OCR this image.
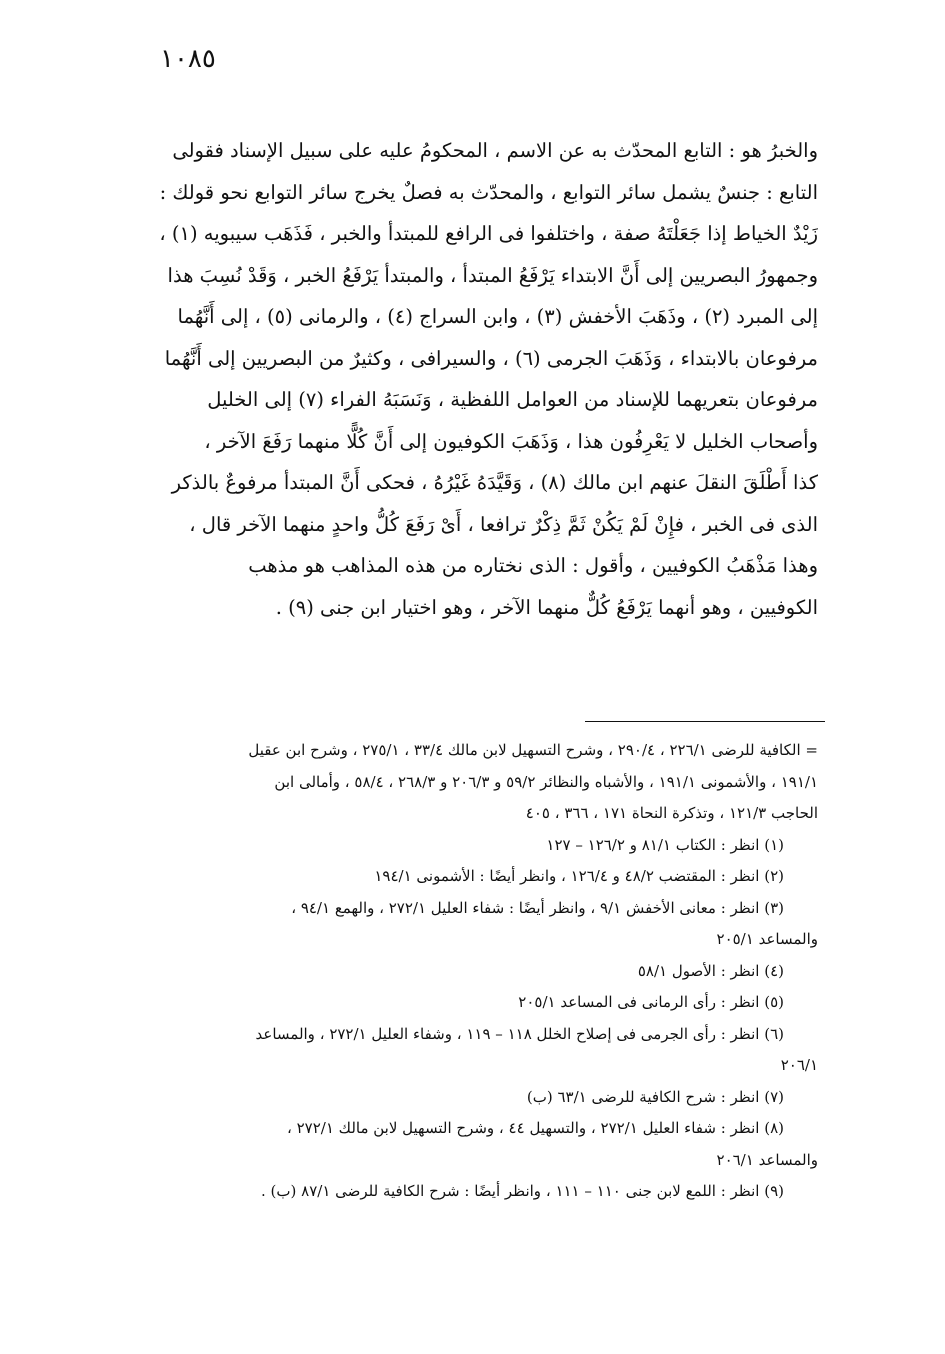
١٠٨٥
والخبرُ هو : التابع المحدّث به عن الاسم ، المحكومُ عليه على سبيل الإسناد فقولى
التابع : جنسٌ يشمل سائر التوابع ، والمحدّث به فصلٌ يخرج سائر التوابع نحو قولك :
زَيْدٌ الخياط إذا جَعَلْتَهُ صفة ، واختلفوا فى الرافع للمبتدأ والخبر ، فَذَهَب سيبويه (١) ،
وجمهورُ البصريين إلى أَنَّ الابتداء يَرْفَعُ المبتدأ ، والمبتدأ يَرْفَعُ الخبر ، وَقَدْ نُسِبَ هذا
إلى المبرد (٢) ، وذَهَبَ الأخفش (٣) ، وابن السراج (٤) ، والرمانى (٥) ، إلى أَنَّهُما
مرفوعان بالابتداء ، وَذَهَبَ الجرمى (٦) ، والسيرافى ، وكثيرٌ من البصريين إلى أَنَّهُما
مرفوعان بتعريهما للإسناد من العوامل اللفظية ، وَنَسَبَهُ الفراء (٧) إلى الخليل
وأصحاب الخليل لا يَعْرِفُون هذا ، وَذَهَبَ الكوفيون إلى أَنَّ كُلًّا منهما رَفَعَ الآخر ،
كذا أَطْلَقَ النقلَ عنهم ابن مالك (٨) ، وَقَيَّدَهُ غَيْرُهُ ، فحكى أَنَّ المبتدأ مرفوعٌ بالذكر
الذى فى الخبر ، فإِنْ لَمْ يَكُنْ ثَمَّ ذِكْرٌ ترافعا ، أَىْ رَفَعَ كُلُّ واحدٍ منهما الآخر قال ،
وهذا مَذْهَبُ الكوفيين ، وأقول : الذى نختاره من هذه المذاهب هو مذهب
الكوفيين ، وهو أنهما يَرْفَعُ كُلٌّ منهما الآخر ، وهو اختيار ابن جنى (٩) .
= الكافية للرضى ٢٢٦/١ ، ٢٩٠/٤ ، وشرح التسهيل لابن مالك ٣٣/٤ ، ٢٧٥/١ ، وشرح ابن عقيل
١٩١/١ ، والأشمونى ١٩١/١ ، والأشباه والنظائر ٥٩/٢ و ٢٠٦/٣ و ٢٦٨/٣ ، ٥٨/٤ ، وأمالى ابن
الحاجب ١٢١/٣ ، وتذكرة النحاة ١٧١ ، ٣٦٦ ، ٤٠٥
(١) انظر : الكتاب ٨١/١ و ١٢٦/٢ – ١٢٧
(٢) انظر : المقتضب ٤٨/٢ و ١٢٦/٤ ، وانظر أيضًا : الأشمونى ١٩٤/١
(٣) انظر : معانى الأخفش ٩/١ ، وانظر أيضًا : شفاء العليل ٢٧٢/١ ، والهمع ٩٤/١ ،
والمساعد ٢٠٥/١
(٤) انظر : الأصول ٥٨/١
(٥) انظر : رأى الرمانى فى المساعد ٢٠٥/١
(٦) انظر : رأى الجرمى فى إصلاح الخلل ١١٨ – ١١٩ ، وشفاء العليل ٢٧٢/١ ، والمساعد
٢٠٦/١
(٧) انظر : شرح الكافية للرضى ٦٣/١ (ب)
(٨) انظر : شفاء العليل ٢٧٢/١ ، والتسهيل ٤٤ ، وشرح التسهيل لابن مالك ٢٧٢/١ ،
والمساعد ٢٠٦/١
(٩) انظر : اللمع لابن جنى ١١٠ – ١١١ ، وانظر أيضًا : شرح الكافية للرضى ٨٧/١ (ب) .
